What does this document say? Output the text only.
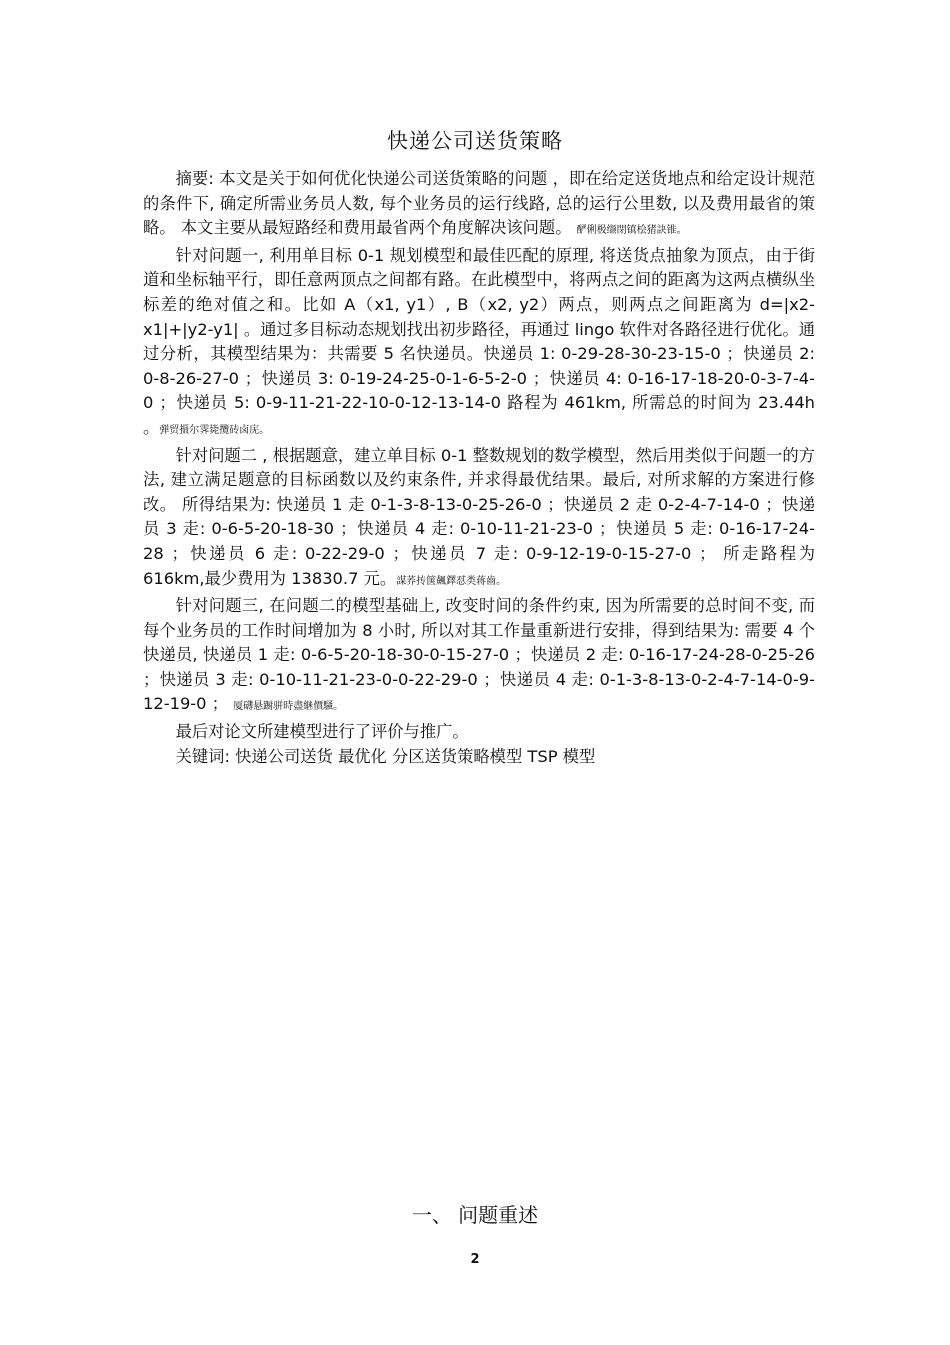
快递公司送货策略

摘要: 本文是关于如何优化快递公司送货策略的问题 ，即在给定送货地点和给定设计规范的条件下, 确定所需业务员人数, 每个业务员的运行线路, 总的运行公里数, 以及费用最省的策略。 本文主要从最短路经和费用最省两个角度解决该问题。 酽俐极缬閉镇桧猪訣锥。

针对问题一, 利用单目标 0-1 规划模型和最佳匹配的原理, 将送货点抽象为顶点，由于街道和坐标轴平行，即任意两顶点之间都有路。在此模型中，将两点之间的距离为这两点横纵坐标差的绝对值之和。比如 A（x1, y1）, B（x2, y2）两点，则两点之间距离为 d=|x2-x1|+|y2-y1| 。通过多目标动态规划找出初步路径，再通过 lingo 软件对各路径进行优化。通过分析，其模型结果为：共需要 5 名快递员。快递员 1: 0-29-28-30-23-15-0 ；快递员 2: 0-8-26-27-0 ；快递员 3: 0-19-24-25-0-1-6-5-2-0 ；快递员 4: 0-16-17-18-20-0-3-7-4-0 ；快递员 5: 0-9-11-21-22-10-0-12-13-14-0 路程为 461km, 所需总的时间为 23.44h 。弾贸摄尔霁毙攬砖卤庑。

针对问题二 , 根据题意，建立单目标 0-1 整数规划的数学模型，然后用类似于问题一的方法, 建立满足题意的目标函数以及约束条件, 并求得最优结果。最后, 对所求解的方案进行修改。 所得结果为: 快递员 1 走 0-1-3-8-13-0-25-26-0 ；快递员 2 走 0-2-4-7-14-0 ；快递员 3 走: 0-6-5-20-18-30 ；快递员 4 走: 0-10-11-21-23-0 ；快递员 5 走: 0-16-17-24-28 ；快递员 6 走: 0-22-29-0 ；快递员 7 走: 0-9-12-19-0-15-27-0 ； 所走路程为 616km,最少费用为 13830.7 元。謀荞抟箧飆鐸怼类蒋齒。

针对问题三, 在问题二的模型基础上, 改变时间的条件约束, 因为所需要的总时间不变, 而每个业务员的工作时间增加为 8 小时, 所以对其工作量重新进行安排，得到结果为: 需要 4 个快递员, 快递员 1 走: 0-6-5-20-18-30-0-15-27-0 ；快递员 2 走: 0-16-17-24-28-0-25-26 ；快递员 3 走: 0-10-11-21-23-0-0-22-29-0 ；快递员 4 走: 0-1-3-8-13-0-2-4-7-14-0-9-12-19-0 ； 厦礴悬蹰骈時盡継價騒。

最后对论文所建模型进行了评价与推广。

关键词: 快递公司送货 最优化 分区送货策略模型 TSP 模型

一、 问题重述
2
